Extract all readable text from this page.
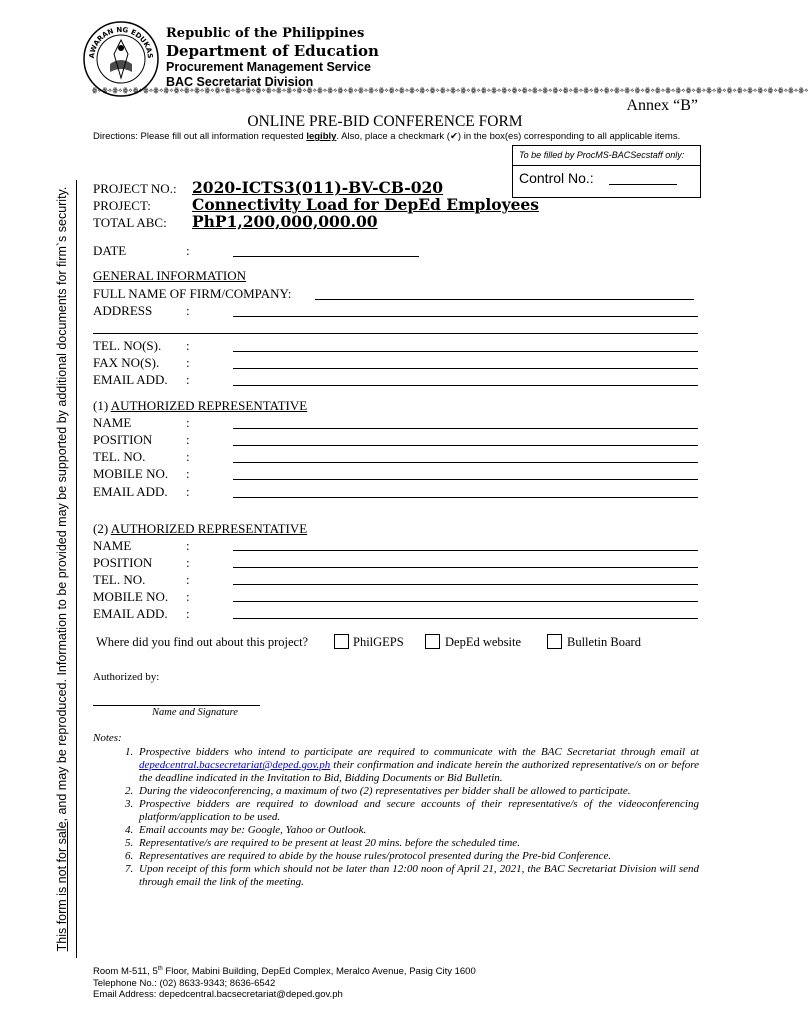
This form is not for sale, and may be reproduced. Information to be provided may be supported by additional documents for firm`s security.
AWARAN NG EDUKAS
Republic of the Philippines
Department of Education
Procurement Management Service
BAC Secretariat Division
ꙮ⟡ꙮ⟡ꙮ⟡ꙮ⟡ꙮ⟡ꙮ⟡ꙮ⟡ꙮ⟡ꙮ⟡ꙮ⟡ꙮ⟡ꙮ⟡ꙮ⟡ꙮ⟡ꙮ⟡ꙮ⟡ꙮ⟡ꙮ⟡ꙮ⟡ꙮ⟡ꙮ⟡ꙮ⟡ꙮ⟡ꙮ⟡ꙮ⟡ꙮ⟡ꙮ⟡ꙮ⟡ꙮ⟡ꙮ⟡ꙮ⟡ꙮ⟡ꙮ⟡ꙮ⟡ꙮ⟡ꙮ⟡ꙮ⟡ꙮ⟡ꙮ⟡ꙮ⟡ꙮ⟡ꙮ⟡ꙮ⟡ꙮ⟡ꙮ⟡ꙮ⟡ꙮ⟡ꙮ⟡ꙮ⟡ꙮ⟡ꙮ⟡ꙮ⟡ꙮ⟡ꙮ⟡ꙮ⟡ꙮ⟡ꙮ⟡ꙮ⟡ꙮ⟡ꙮ⟡ꙮ⟡ꙮ⟡ꙮ⟡ꙮ⟡ꙮ⟡ꙮ⟡ꙮ⟡ꙮ⟡ꙮ⟡ꙮ⟡
Annex “B”
ONLINE PRE-BID CONFERENCE FORM
Directions: Please fill out all information requested legibly. Also, place a checkmark (✔) in the box(es) corresponding to all applicable items.
To be filled by ProcMS-BACSecstaff only:
Control No.:
PROJECT NO.: 2020-ICTS3(011)-BV-CB-020
PROJECT:	Connectivity Load for DepEd Employees
TOTAL ABC: PhP1,200,000,000.00
DATE	:
GENERAL INFORMATION
FULL NAME OF FIRM/COMPANY:
ADDRESS	:
TEL. NO(S). :
FAX NO(S). :
EMAIL ADD. :
(1) AUTHORIZED REPRESENTATIVE
NAME	:
POSITION	:
TEL. NO.	:
MOBILE NO. :
EMAIL ADD. :
(2) AUTHORIZED REPRESENTATIVE
NAME	:
POSITION	:
TEL. NO.	:
MOBILE NO. :
EMAIL ADD. :
Where did you find out about this project?	PhilGEPS	DepEd website	Bulletin Board
Authorized by:
Name and Signature
Notes:
1. Prospective bidders who intend to participate are required to communicate with the BAC Secretariat through email at depedcentral.bacsecretariat@deped.gov.ph their confirmation and indicate herein the authorized representative/s on or before the deadline indicated in the Invitation to Bid, Bidding Documents or Bid Bulletin.
2. During the videoconferencing, a maximum of two (2) representatives per bidder shall be allowed to participate.
3. Prospective bidders are required to download and secure accounts of their representative/s of the videoconferencing platform/application to be used.
4. Email accounts may be: Google, Yahoo or Outlook.
5. Representative/s are required to be present at least 20 mins. before the scheduled time.
6. Representatives are required to abide by the house rules/protocol presented during the Pre-bid Conference.
7. Upon receipt of this form which should not be later than 12:00 noon of April 21, 2021, the BAC Secretariat Division will send through email the link of the meeting.
Room M-511, 5th Floor, Mabini Building, DepEd Complex, Meralco Avenue, Pasig City 1600
Telephone No.: (02) 8633-9343; 8636-6542
Email Address: depedcentral.bacsecretariat@deped.gov.ph
